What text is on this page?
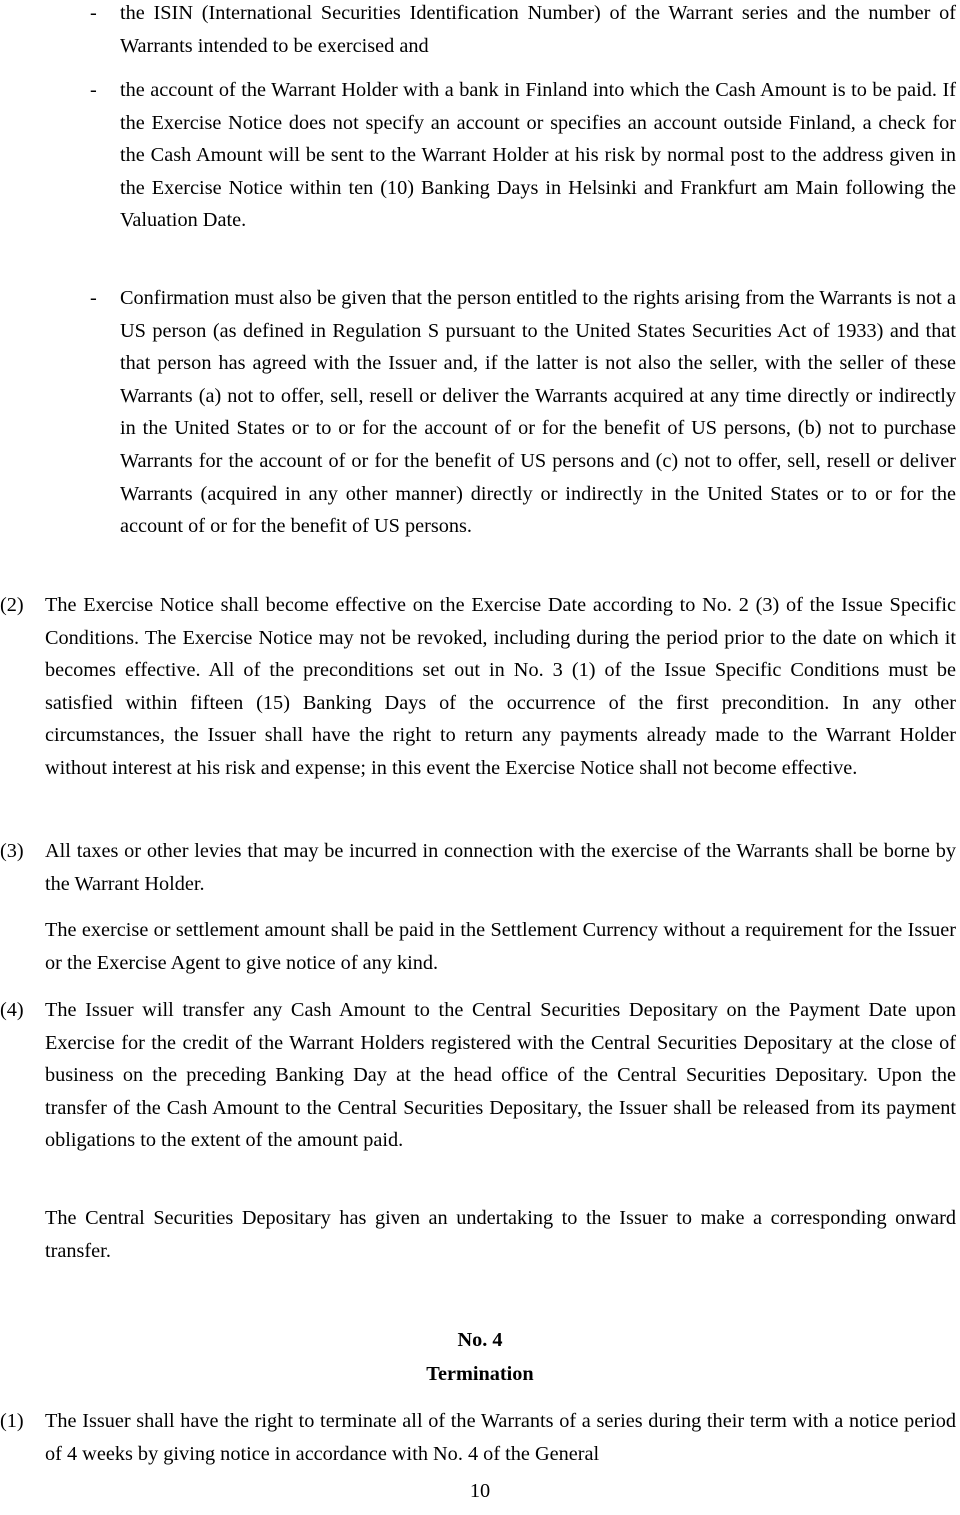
- the ISIN (International Securities Identification Number) of the Warrant series and the number of Warrants intended to be exercised and

- the account of the Warrant Holder with a bank in Finland into which the Cash Amount is to be paid. If the Exercise Notice does not specify an account or specifies an account outside Finland, a check for the Cash Amount will be sent to the Warrant Holder at his risk by normal post to the address given in the Exercise Notice within ten (10) Banking Days in Helsinki and Frankfurt am Main following the Valuation Date.

- Confirmation must also be given that the person entitled to the rights arising from the Warrants is not a US person (as defined in Regulation S pursuant to the United States Securities Act of 1933) and that that person has agreed with the Issuer and, if the latter is not also the seller, with the seller of these Warrants (a) not to offer, sell, resell or deliver the Warrants acquired at any time directly or indirectly in the United States or to or for the account of or for the benefit of US persons, (b) not to purchase Warrants for the account of or for the benefit of US persons and (c) not to offer, sell, resell or deliver Warrants (acquired in any other manner) directly or indirectly in the United States or to or for the account of or for the benefit of US persons.

(2) The Exercise Notice shall become effective on the Exercise Date according to No. 2 (3) of the Issue Specific Conditions. The Exercise Notice may not be revoked, including during the period prior to the date on which it becomes effective. All of the preconditions set out in No. 3 (1) of the Issue Specific Conditions must be satisfied within fifteen (15) Banking Days of the occurrence of the first precondition. In any other circumstances, the Issuer shall have the right to return any payments already made to the Warrant Holder without interest at his risk and expense; in this event the Exercise Notice shall not become effective.

(3) All taxes or other levies that may be incurred in connection with the exercise of the Warrants shall be borne by the Warrant Holder.

The exercise or settlement amount shall be paid in the Settlement Currency without a requirement for the Issuer or the Exercise Agent to give notice of any kind.

(4) The Issuer will transfer any Cash Amount to the Central Securities Depositary on the Payment Date upon Exercise for the credit of the Warrant Holders registered with the Central Securities Depositary at the close of business on the preceding Banking Day at the head office of the Central Securities Depositary. Upon the transfer of the Cash Amount to the Central Securities Depositary, the Issuer shall be released from its payment obligations to the extent of the amount paid.

The Central Securities Depositary has given an undertaking to the Issuer to make a corresponding onward transfer.

No. 4

Termination

(1) The Issuer shall have the right to terminate all of the Warrants of a series during their term with a notice period of 4 weeks by giving notice in accordance with No. 4 of the General

10
